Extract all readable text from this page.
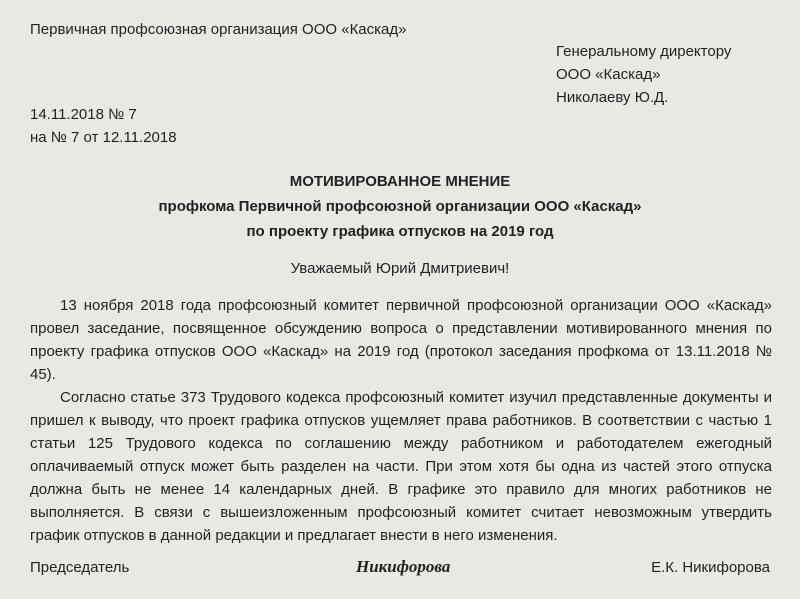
Первичная профсоюзная организация ООО «Каскад»
Генеральному директору
ООО «Каскад»
Николаеву Ю.Д.
14.11.2018 № 7
на № 7 от 12.11.2018
МОТИВИРОВАННОЕ МНЕНИЕ
профкома Первичной профсоюзной организации ООО «Каскад»
по проекту графика отпусков на 2019 год
Уважаемый Юрий Дмитриевич!

13 ноября 2018 года профсоюзный комитет первичной профсоюзной организации ООО «Каскад» провел заседание, посвященное обсуждению вопроса о представлении мотивированного мнения по проекту графика отпусков ООО «Каскад» на 2019 год (протокол заседания профкома от 13.11.2018 № 45).

Согласно статье 373 Трудового кодекса профсоюзный комитет изучил представленные документы и пришел к выводу, что проект графика отпусков ущемляет права работников. В соответствии с частью 1 статьи 125 Трудового кодекса по соглашению между работником и работодателем ежегодный оплачиваемый отпуск может быть разделен на части. При этом хотя бы одна из частей этого отпуска должна быть не менее 14 календарных дней. В графике это правило для многих работников не выполняется. В связи с вышеизложенным профсоюзный комитет считает невозможным утвердить график отпусков в данной редакции и предлагает внести в него изменения.

Председатель	Никифорова	Е.К. Никифорова
